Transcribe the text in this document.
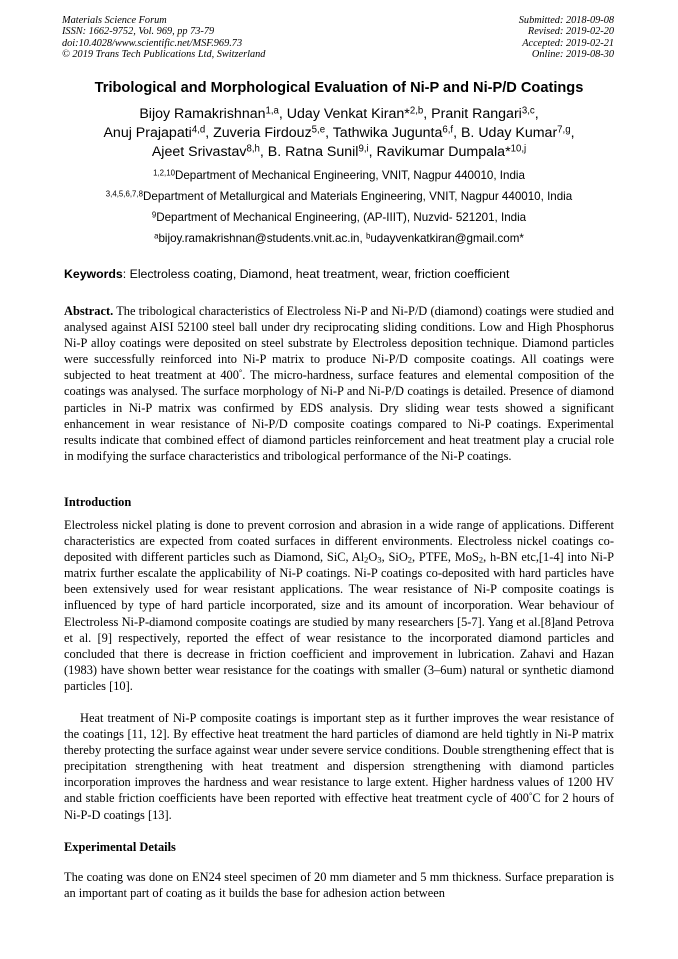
Materials Science Forum
ISSN: 1662-9752, Vol. 969, pp 73-79
doi:10.4028/www.scientific.net/MSF.969.73
© 2019 Trans Tech Publications Ltd, Switzerland
Submitted: 2018-09-08
Revised: 2019-02-20
Accepted: 2019-02-21
Online: 2019-08-30
Tribological and Morphological Evaluation of Ni-P and Ni-P/D Coatings
Bijoy Ramakrishnan$^{1,a}$, Uday Venkat Kiran*$^{2,b}$, Pranit Rangari$^{3,c}$,
Anuj Prajapati$^{4,d}$, Zuveria Firdouz$^{5,e}$, Tathwika Jugunta$^{6,f}$, B. Uday Kumar$^{7,g}$,
Ajeet Srivastav$^{8,h}$, B. Ratna Sunil$^{9,i}$, Ravikumar Dumpala*$^{10,j}$
$^{1,2,10}$Department of Mechanical Engineering, VNIT, Nagpur 440010, India
$^{3,4,5,6,7,8}$Department of Metallurgical and Materials Engineering, VNIT, Nagpur 440010, India
$^9$Department of Mechanical Engineering, (AP-IIIT), Nuzvid- 521201, India
$^a$bijoy.ramakrishnan@students.vnit.ac.in, $^b$udayvenkatkiran@gmail.com*
Keywords: Electroless coating, Diamond, heat treatment, wear, friction coefficient

Abstract. The tribological characteristics of Electroless Ni-P and Ni-P/D (diamond) coatings were studied and analysed against AISI 52100 steel ball under dry reciprocating sliding conditions. Low and High Phosphorus Ni-P alloy coatings were deposited on steel substrate by Electroless deposition technique. Diamond particles were successfully reinforced into Ni-P matrix to produce Ni-P/D composite coatings. All coatings were subjected to heat treatment at 400°. The micro-hardness, surface features and elemental composition of the coatings was analysed. The surface morphology of Ni-P and Ni-P/D coatings is detailed. Presence of diamond particles in Ni-P matrix was confirmed by EDS analysis. Dry sliding wear tests showed a significant enhancement in wear resistance of Ni-P/D composite coatings compared to Ni-P coatings. Experimental results indicate that combined effect of diamond particles reinforcement and heat treatment play a crucial role in modifying the surface characteristics and tribological performance of the Ni-P coatings.

Introduction

Electroless nickel plating is done to prevent corrosion and abrasion in a wide range of applications. Different characteristics are expected from coated surfaces in different environments. Electroless nickel coatings co-deposited with different particles such as Diamond, SiC, $Al_2O_3$, SiO$_2$, PTFE, MoS$_2$, h-BN etc,[1-4] into Ni-P matrix further escalate the applicability of Ni-P coatings. Ni-P coatings co-deposited with hard particles have been extensively used for wear resistant applications. The wear resistance of Ni-P composite coatings is influenced by type of hard particle incorporated, size and its amount of incorporation. Wear behaviour of Electroless Ni-P-diamond composite coatings are studied by many researchers [5-7]. Yang et al.[8]and Petrova et al. [9] respectively, reported the effect of wear resistance to the incorporated diamond particles and concluded that there is decrease in friction coefficient and improvement in lubrication. Zahavi and Hazan (1983) have shown better wear resistance for the coatings with smaller (3–6um) natural or synthetic diamond particles [10].

Heat treatment of Ni-P composite coatings is important step as it further improves the wear resistance of the coatings [11, 12]. By effective heat treatment the hard particles of diamond are held tightly in Ni-P matrix thereby protecting the surface against wear under severe service conditions. Double strengthening effect that is precipitation strengthening with heat treatment and dispersion strengthening with diamond particles incorporation improves the hardness and wear resistance to large extent. Higher hardness values of 1200 HV and stable friction coefficients have been reported with effective heat treatment cycle of 400°C for 2 hours of Ni-P-D coatings [13].

Experimental Details

The coating was done on EN24 steel specimen of 20 mm diameter and 5 mm thickness. Surface preparation is an important part of coating as it builds the base for adhesion action between
